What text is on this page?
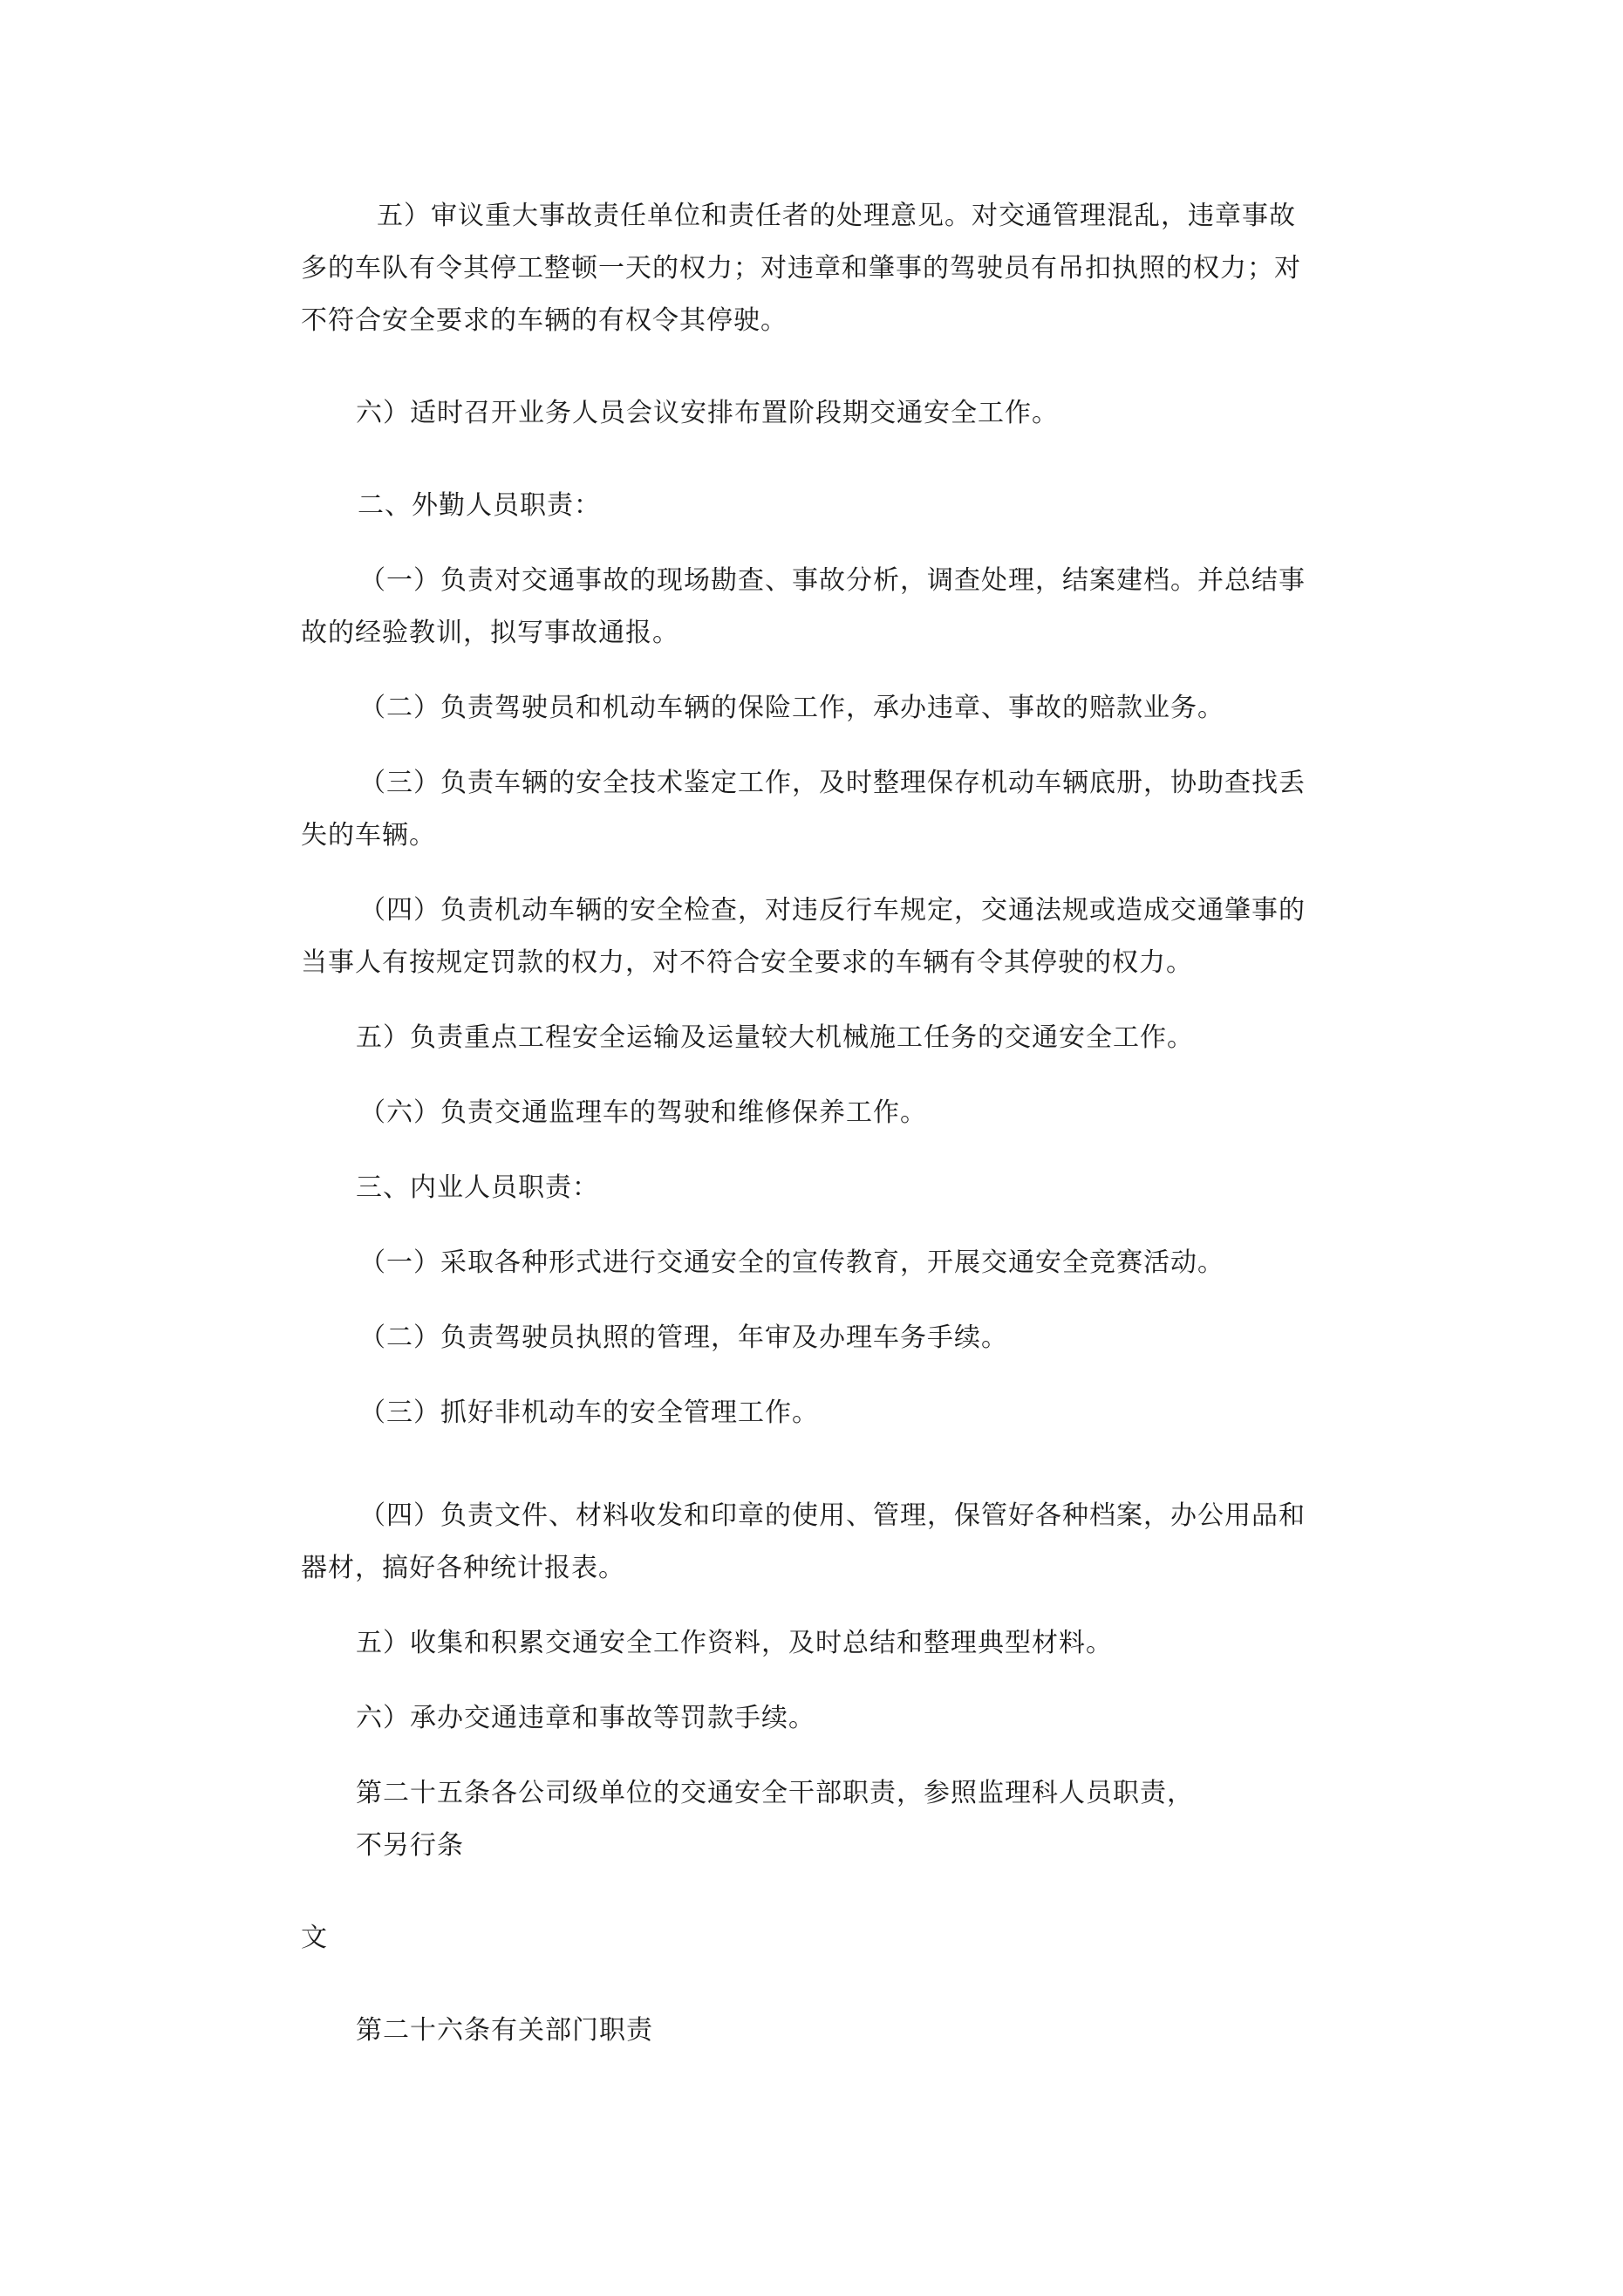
五）审议重大事故责任单位和责任者的处理意见。对交通管理混乱，违章事故
多的车队有令其停工整顿一天的权力；对违章和肇事的驾驶员有吊扣执照的权力；对
不符合安全要求的车辆的有权令其停驶。
六）适时召开业务人员会议安排布置阶段期交通安全工作。
二、外勤人员职责：
（一）负责对交通事故的现场勘查、事故分析，调查处理，结案建档。并总结事
故的经验教训，拟写事故通报。
（二）负责驾驶员和机动车辆的保险工作，承办违章、事故的赔款业务。
（三）负责车辆的安全技术鉴定工作，及时整理保存机动车辆底册，协助查找丢
失的车辆。
（四）负责机动车辆的安全检查，对违反行车规定，交通法规或造成交通肇事的
当事人有按规定罚款的权力，对不符合安全要求的车辆有令其停驶的权力。
五）负责重点工程安全运输及运量较大机械施工任务的交通安全工作。
（六）负责交通监理车的驾驶和维修保养工作。
三、内业人员职责：
（一）采取各种形式进行交通安全的宣传教育，开展交通安全竞赛活动。
（二）负责驾驶员执照的管理，年审及办理车务手续。
（三）抓好非机动车的安全管理工作。
（四）负责文件、材料收发和印章的使用、管理，保管好各种档案，办公用品和
器材，搞好各种统计报表。
五）收集和积累交通安全工作资料，及时总结和整理典型材料。
六）承办交通违章和事故等罚款手续。
第二十五条各公司级单位的交通安全干部职责，参照监理科人员职责，
不另行条
文
第二十六条有关部门职责
